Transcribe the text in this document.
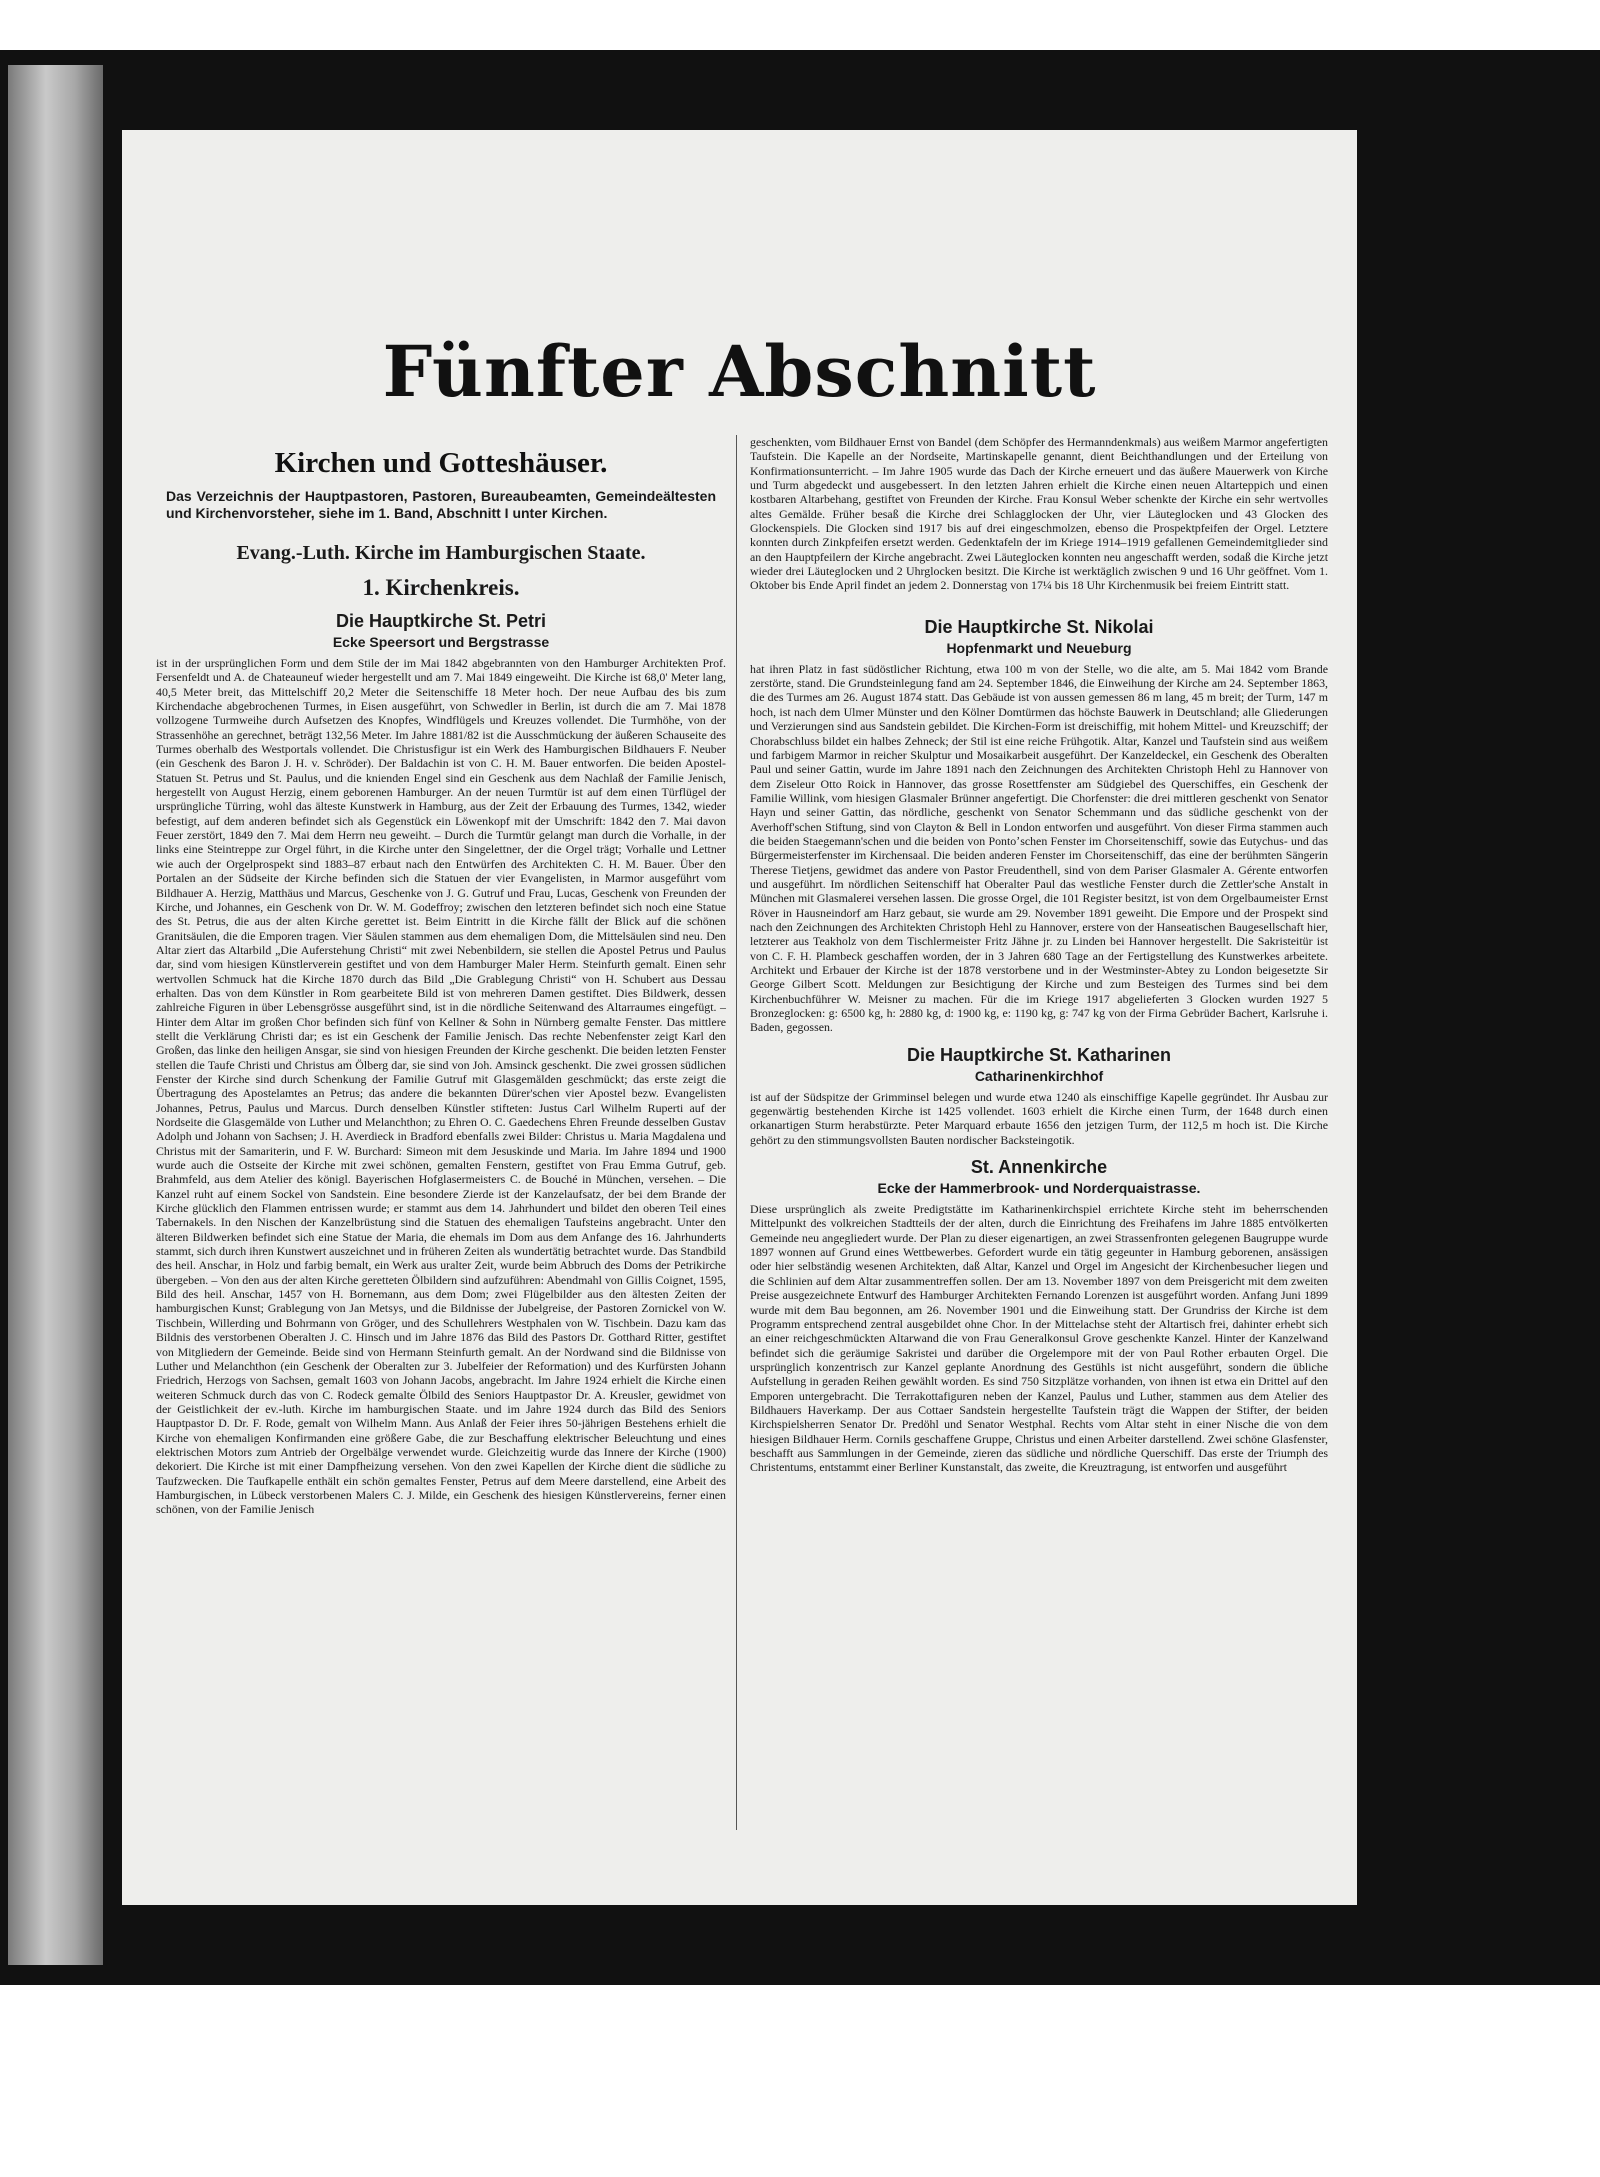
Fünfter Abschnitt
Kirchen und Gotteshäuser.

Das Verzeichnis der Hauptpastoren, Pastoren, Bureaubeamten, Gemeindeältesten und Kirchenvorsteher, siehe im 1. Band, Abschnitt I unter Kirchen.

Evang.-Luth. Kirche im Hamburgischen Staate.
1. Kirchenkreis.
Die Hauptkirche St. Petri
Ecke Speersort und Bergstrasse

ist in der ursprünglichen Form und dem Stile der im Mai 1842 abgebrannten von den Hamburger Architekten Prof. Fersenfeldt und A. de Chateauneuf wieder hergestellt und am 7. Mai 1849 eingeweiht. Die Kirche ist 68,0' Meter lang, 40,5 Meter breit, das Mittelschiff 20,2 Meter die Seitenschiffe 18 Meter hoch. Der neue Aufbau des bis zum Kirchendache abgebrochenen Turmes, in Eisen ausgeführt, von Schwedler in Berlin, ist durch die am 7. Mai 1878 vollzogene Turmweihe durch Aufsetzen des Knopfes, Windflügels und Kreuzes vollendet. Die Turmhöhe, von der Strassenhöhe an gerechnet, beträgt 132,56 Meter. Im Jahre 1881/82 ist die Ausschmückung der äußeren Schauseite des Turmes oberhalb des Westportals vollendet. Die Christusfigur ist ein Werk des Hamburgischen Bildhauers F. Neuber (ein Geschenk des Baron J. H. v. Schröder). Der Baldachin ist von C. H. M. Bauer entworfen. Die beiden Apostel-Statuen St. Petrus und St. Paulus, und die knienden Engel sind ein Geschenk aus dem Nachlaß der Familie Jenisch, hergestellt von August Herzig, einem geborenen Hamburger. An der neuen Turmtür ist auf dem einen Türflügel der ursprüngliche Türring, wohl das älteste Kunstwerk in Hamburg, aus der Zeit der Erbauung des Turmes, 1342, wieder befestigt, auf dem anderen befindet sich als Gegenstück ein Löwenkopf mit der Umschrift: 1842 den 7. Mai davon Feuer zerstört, 1849 den 7. Mai dem Herrn neu geweiht. – Durch die Turmtür gelangt man durch die Vorhalle, in der links eine Steintreppe zur Orgel führt, in die Kirche unter den Singelettner, der die Orgel trägt; Vorhalle und Lettner wie auch der Orgelprospekt sind 1883–87 erbaut nach den Entwürfen des Architekten C. H. M. Bauer. Über den Portalen an der Südseite der Kirche befinden sich die Statuen der vier Evangelisten, in Marmor ausgeführt vom Bildhauer A. Herzig, Matthäus und Marcus, Geschenke von J. G. Gutruf und Frau, Lucas, Geschenk von Freunden der Kirche, und Johannes, ein Geschenk von Dr. W. M. Godeffroy; zwischen den letzteren befindet sich noch eine Statue des St. Petrus, die aus der alten Kirche gerettet ist. Beim Eintritt in die Kirche fällt der Blick auf die schönen Granitsäulen, die die Emporen tragen. Vier Säulen stammen aus dem ehemaligen Dom, die Mittelsäulen sind neu. Den Altar ziert das Altarbild „Die Auferstehung Christi“ mit zwei Nebenbildern, sie stellen die Apostel Petrus und Paulus dar, sind vom hiesigen Künstlerverein gestiftet und von dem Hamburger Maler Herm. Steinfurth gemalt. Einen sehr wertvollen Schmuck hat die Kirche 1870 durch das Bild „Die Grablegung Christi“ von H. Schubert aus Dessau erhalten. Das von dem Künstler in Rom gearbeitete Bild ist von mehreren Damen gestiftet. Dies Bildwerk, dessen zahlreiche Figuren in über Lebensgrösse ausgeführt sind, ist in die nördliche Seitenwand des Altarraumes eingefügt. – Hinter dem Altar im großen Chor befinden sich fünf von Kellner & Sohn in Nürnberg gemalte Fenster. Das mittlere stellt die Verklärung Christi dar; es ist ein Geschenk der Familie Jenisch. Das rechte Nebenfenster zeigt Karl den Großen, das linke den heiligen Ansgar, sie sind von hiesigen Freunden der Kirche geschenkt. Die beiden letzten Fenster stellen die Taufe Christi und Christus am Ölberg dar, sie sind von Joh. Amsinck geschenkt. Die zwei grossen südlichen Fenster der Kirche sind durch Schenkung der Familie Gutruf mit Glasgemälden geschmückt; das erste zeigt die Übertragung des Apostelamtes an Petrus; das andere die bekannten Dürer'schen vier Apostel bezw. Evangelisten Johannes, Petrus, Paulus und Marcus. Durch denselben Künstler stifteten: Justus Carl Wilhelm Ruperti auf der Nordseite die Glasgemälde von Luther und Melanchthon; zu Ehren O. C. Gaedechens Ehren Freunde desselben Gustav Adolph und Johann von Sachsen; J. H. Averdieck in Bradford ebenfalls zwei Bilder: Christus u. Maria Magdalena und Christus mit der Samariterin, und F. W. Burchard: Simeon mit dem Jesuskinde und Maria. Im Jahre 1894 und 1900 wurde auch die Ostseite der Kirche mit zwei schönen, gemalten Fenstern, gestiftet von Frau Emma Gutruf, geb. Brahmfeld, aus dem Atelier des königl. Bayerischen Hofglasermeisters C. de Bouché in München, versehen. – Die Kanzel ruht auf einem Sockel von Sandstein. Eine besondere Zierde ist der Kanzelaufsatz, der bei dem Brande der Kirche glücklich den Flammen entrissen wurde; er stammt aus dem 14. Jahrhundert und bildet den oberen Teil eines Tabernakels. In den Nischen der Kanzelbrüstung sind die Statuen des ehemaligen Taufsteins angebracht. Unter den älteren Bildwerken befindet sich eine Statue der Maria, die ehemals im Dom aus dem Anfange des 16. Jahrhunderts stammt, sich durch ihren Kunstwert auszeichnet und in früheren Zeiten als wundertätig betrachtet wurde. Das Standbild des heil. Anschar, in Holz und farbig bemalt, ein Werk aus uralter Zeit, wurde beim Abbruch des Doms der Petrikirche übergeben. – Von den aus der alten Kirche geretteten Ölbildern sind aufzuführen: Abendmahl von Gillis Coignet, 1595, Bild des heil. Anschar, 1457 von H. Bornemann, aus dem Dom; zwei Flügelbilder aus den ältesten Zeiten der hamburgischen Kunst; Grablegung von Jan Metsys, und die Bildnisse der Jubelgreise, der Pastoren Zornickel von W. Tischbein, Willerding und Bohrmann von Gröger, und des Schullehrers Westphalen von W. Tischbein. Dazu kam das Bildnis des verstorbenen Oberalten J. C. Hinsch und im Jahre 1876 das Bild des Pastors Dr. Gotthard Ritter, gestiftet von Mitgliedern der Gemeinde. Beide sind von Hermann Steinfurth gemalt. An der Nordwand sind die Bildnisse von Luther und Melanchthon (ein Geschenk der Oberalten zur 3. Jubelfeier der Reformation) und des Kurfürsten Johann Friedrich, Herzogs von Sachsen, gemalt 1603 von Johann Jacobs, angebracht. Im Jahre 1924 erhielt die Kirche einen weiteren Schmuck durch das von C. Rodeck gemalte Ölbild des Seniors Hauptpastor Dr. A. Kreusler, gewidmet von der Geistlichkeit der ev.-luth. Kirche im hamburgischen Staate. und im Jahre 1924 durch das Bild des Seniors Hauptpastor D. Dr. F. Rode, gemalt von Wilhelm Mann. Aus Anlaß der Feier ihres 50-jährigen Bestehens erhielt die Kirche von ehemaligen Konfirmanden eine größere Gabe, die zur Beschaffung elektrischer Beleuchtung und eines elektrischen Motors zum Antrieb der Orgelbälge verwendet wurde. Gleichzeitig wurde das Innere der Kirche (1900) dekoriert. Die Kirche ist mit einer Dampfheizung versehen. Von den zwei Kapellen der Kirche dient die südliche zu Taufzwecken. Die Taufkapelle enthält ein schön gemaltes Fenster, Petrus auf dem Meere darstellend, eine Arbeit des Hamburgischen, in Lübeck verstorbenen Malers C. J. Milde, ein Geschenk des hiesigen Künstlervereins, ferner einen schönen, von der Familie Jenisch

geschenkten, vom Bildhauer Ernst von Bandel (dem Schöpfer des Hermanndenkmals) aus weißem Marmor angefertigten Taufstein. Die Kapelle an der Nordseite, Martinskapelle genannt, dient Beichthandlungen und der Erteilung von Konfirmationsunterricht. – Im Jahre 1905 wurde das Dach der Kirche erneuert und das äußere Mauerwerk von Kirche und Turm abgedeckt und ausgebessert. In den letzten Jahren erhielt die Kirche einen neuen Altarteppich und einen kostbaren Altarbehang, gestiftet von Freunden der Kirche. Frau Konsul Weber schenkte der Kirche ein sehr wertvolles altes Gemälde. Früher besaß die Kirche drei Schlagglocken der Uhr, vier Läuteglocken und 43 Glocken des Glockenspiels. Die Glocken sind 1917 bis auf drei eingeschmolzen, ebenso die Prospektpfeifen der Orgel. Letztere konnten durch Zinkpfeifen ersetzt werden. Gedenktafeln der im Kriege 1914–1919 gefallenen Gemeindemitglieder sind an den Hauptpfeilern der Kirche angebracht. Zwei Läuteglocken konnten neu angeschafft werden, sodaß die Kirche jetzt wieder drei Läuteglocken und 2 Uhrglocken besitzt. Die Kirche ist werktäglich zwischen 9 und 16 Uhr geöffnet. Vom 1. Oktober bis Ende April findet an jedem 2. Donnerstag von 17¼ bis 18 Uhr Kirchenmusik bei freiem Eintritt statt.

Die Hauptkirche St. Nikolai
Hopfenmarkt und Neueburg

hat ihren Platz in fast südöstlicher Richtung, etwa 100 m von der Stelle, wo die alte, am 5. Mai 1842 vom Brande zerstörte, stand. Die Grundsteinlegung fand am 24. September 1846, die Einweihung der Kirche am 24. September 1863, die des Turmes am 26. August 1874 statt. Das Gebäude ist von aussen gemessen 86 m lang, 45 m breit; der Turm, 147 m hoch, ist nach dem Ulmer Münster und den Kölner Domtürmen das höchste Bauwerk in Deutschland; alle Gliederungen und Verzierungen sind aus Sandstein gebildet. Die Kirchen-Form ist dreischiffig, mit hohem Mittel- und Kreuzschiff; der Chorabschluss bildet ein halbes Zehneck; der Stil ist eine reiche Frühgotik. Altar, Kanzel und Taufstein sind aus weißem und farbigem Marmor in reicher Skulptur und Mosaikarbeit ausgeführt. Der Kanzeldeckel, ein Geschenk des Oberalten Paul und seiner Gattin, wurde im Jahre 1891 nach den Zeichnungen des Architekten Christoph Hehl zu Hannover von dem Ziseleur Otto Roick in Hannover, das grosse Rosettfenster am Südgiebel des Querschiffes, ein Geschenk der Familie Willink, vom hiesigen Glasmaler Brünner angefertigt. Die Chorfenster: die drei mittleren geschenkt von Senator Hayn und seiner Gattin, das nördliche, geschenkt von Senator Schemmann und das südliche geschenkt von der Averhoff'schen Stiftung, sind von Clayton & Bell in London entworfen und ausgeführt. Von dieser Firma stammen auch die beiden Staegemann'schen und die beiden von Pontoʼschen Fenster im Chorseitenschiff, sowie das Eutychus- und das Bürgermeisterfenster im Kirchensaal. Die beiden anderen Fenster im Chorseitenschiff, das eine der berühmten Sängerin Therese Tietjens, gewidmet das andere von Pastor Freudenthell, sind von dem Pariser Glasmaler A. Gérente entworfen und ausgeführt. Im nördlichen Seitenschiff hat Oberalter Paul das westliche Fenster durch die Zettler'sche Anstalt in München mit Glasmalerei versehen lassen. Die grosse Orgel, die 101 Register besitzt, ist von dem Orgelbaumeister Ernst Röver in Hausneindorf am Harz gebaut, sie wurde am 29. November 1891 geweiht. Die Empore und der Prospekt sind nach den Zeichnungen des Architekten Christoph Hehl zu Hannover, erstere von der Hanseatischen Baugesellschaft hier, letzterer aus Teakholz von dem Tischlermeister Fritz Jähne jr. zu Linden bei Hannover hergestellt. Die Sakristeitür ist von C. F. H. Plambeck geschaffen worden, der in 3 Jahren 680 Tage an der Fertigstellung des Kunstwerkes arbeitete. Architekt und Erbauer der Kirche ist der 1878 verstorbene und in der Westminster-Abtey zu London beigesetzte Sir George Gilbert Scott. Meldungen zur Besichtigung der Kirche und zum Besteigen des Turmes sind bei dem Kirchenbuchführer W. Meisner zu machen. Für die im Kriege 1917 abgelieferten 3 Glocken wurden 1927 5 Bronzeglocken: g: 6500 kg, h: 2880 kg, d: 1900 kg, e: 1190 kg, g: 747 kg von der Firma Gebrüder Bachert, Karlsruhe i. Baden, gegossen.

Die Hauptkirche St. Katharinen
Catharinenkirchhof

ist auf der Südspitze der Grimminsel belegen und wurde etwa 1240 als einschiffige Kapelle gegründet. Ihr Ausbau zur gegenwärtig bestehenden Kirche ist 1425 vollendet. 1603 erhielt die Kirche einen Turm, der 1648 durch einen orkanartigen Sturm herabstürzte. Peter Marquard erbaute 1656 den jetzigen Turm, der 112,5 m hoch ist. Die Kirche gehört zu den stimmungsvollsten Bauten nordischer Backsteingotik.

St. Annenkirche
Ecke der Hammerbrook- und Norderquaistrasse.

Diese ursprünglich als zweite Predigtstätte im Katharinenkirchspiel errichtete Kirche steht im beherrschenden Mittelpunkt des volkreichen Stadtteils der der alten, durch die Einrichtung des Freihafens im Jahre 1885 entvölkerten Gemeinde neu angegliedert wurde. Der Plan zu dieser eigenartigen, an zwei Strassenfronten gelegenen Baugruppe wurde 1897 wonnen auf Grund eines Wettbewerbes. Gefordert wurde ein tätig gegeunter in Hamburg geborenen, ansässigen oder hier selbständig wesenen Architekten, daß Altar, Kanzel und Orgel im Angesicht der Kirchenbesucher liegen und die Schlinien auf dem Altar zusammentreffen sollen. Der am 13. November 1897 von dem Preisgericht mit dem zweiten Preise ausgezeichnete Entwurf des Hamburger Architekten Fernando Lorenzen ist ausgeführt worden. Anfang Juni 1899 wurde mit dem Bau begonnen, am 26. November 1901 und die Einweihung statt. Der Grundriss der Kirche ist dem Programm entsprechend zentral ausgebildet ohne Chor. In der Mittelachse steht der Altartisch frei, dahinter erhebt sich an einer reichgeschmückten Altarwand die von Frau Generalkonsul Grove geschenkte Kanzel. Hinter der Kanzelwand befindet sich die geräumige Sakristei und darüber die Orgelempore mit der von Paul Rother erbauten Orgel. Die ursprünglich konzentrisch zur Kanzel geplante Anordnung des Gestühls ist nicht ausgeführt, sondern die übliche Aufstellung in geraden Reihen gewählt worden. Es sind 750 Sitzplätze vorhanden, von ihnen ist etwa ein Drittel auf den Emporen untergebracht. Die Terrakottafiguren neben der Kanzel, Paulus und Luther, stammen aus dem Atelier des Bildhauers Haverkamp. Der aus Cottaer Sandstein hergestellte Taufstein trägt die Wappen der Stifter, der beiden Kirchspielsherren Senator Dr. Predöhl und Senator Westphal. Rechts vom Altar steht in einer Nische die von dem hiesigen Bildhauer Herm. Cornils geschaffene Gruppe, Christus und einen Arbeiter darstellend. Zwei schöne Glasfenster, beschafft aus Sammlungen in der Gemeinde, zieren das südliche und nördliche Querschiff. Das erste der Triumph des Christentums, entstammt einer Berliner Kunstanstalt, das zweite, die Kreuztragung, ist entworfen und ausgeführt
